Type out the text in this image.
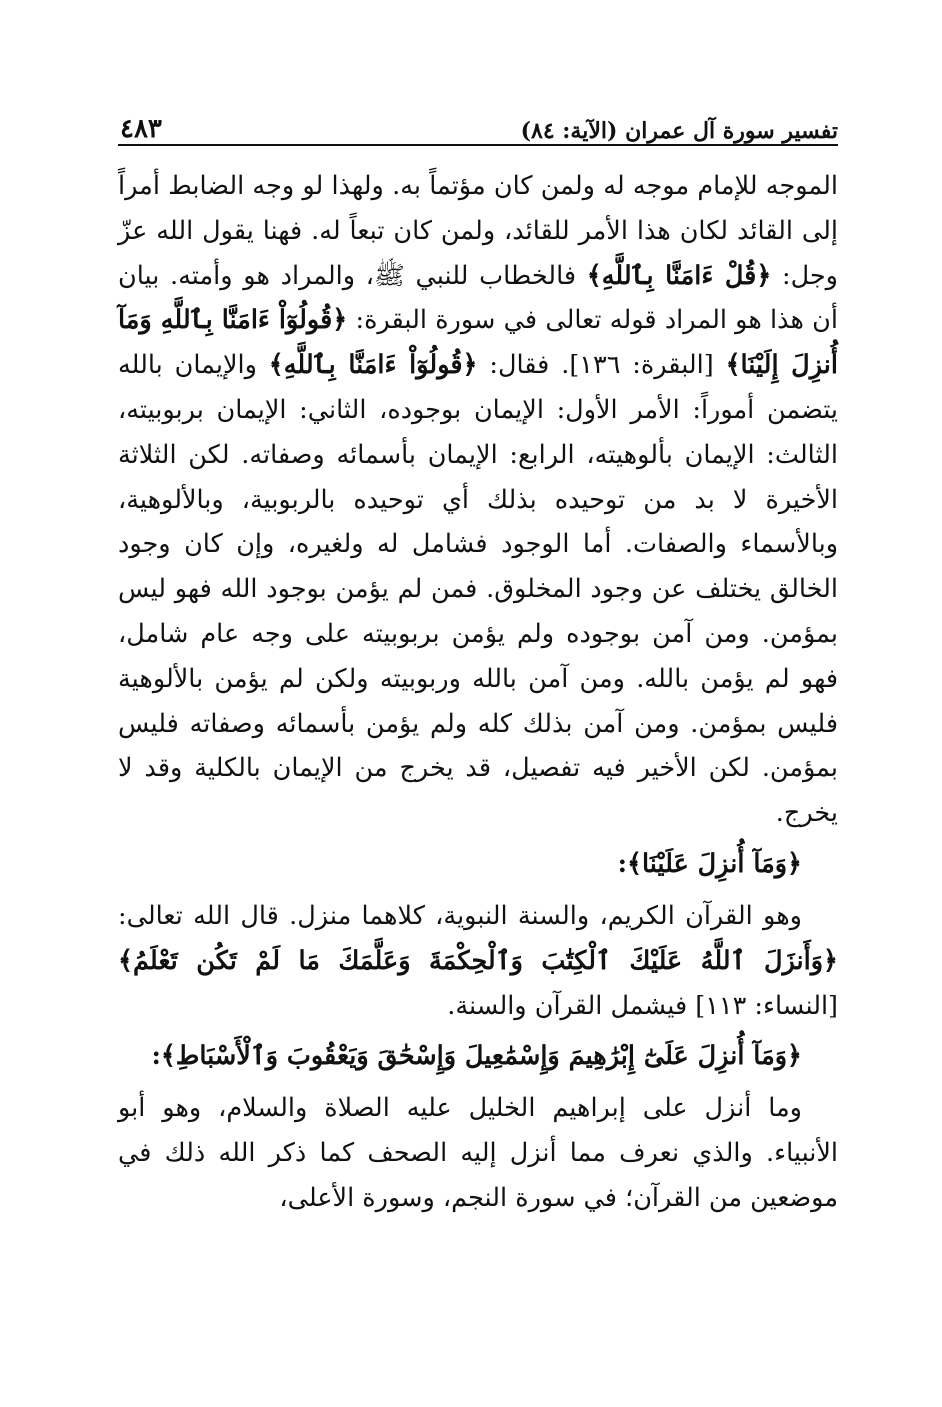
تفسير سورة آل عمران (الآية: ٨٤)
٤٨٣

الموجه للإمام موجه له ولمن كان مؤتماً به. ولهذا لو وجه الضابط أمراً إلى القائد لكان هذا الأمر للقائد، ولمن كان تبعاً له. فهنا يقول الله عزّ وجل: ﴿قُلْ ءَامَنَّا بِٱللَّهِ﴾ فالخطاب للنبي ﷺ، والمراد هو وأمته. بيان أن هذا هو المراد قوله تعالى في سورة البقرة: ﴿قُولُوٓاْ ءَامَنَّا بِٱللَّهِ وَمَآ أُنزِلَ إِلَيْنَا﴾ [البقرة: ١٣٦]. فقال: ﴿قُولُوٓاْ ءَامَنَّا بِٱللَّهِ﴾ والإيمان بالله يتضمن أموراً: الأمر الأول: الإيمان بوجوده، الثاني: الإيمان بربوبيته، الثالث: الإيمان بألوهيته، الرابع: الإيمان بأسمائه وصفاته. لكن الثلاثة الأخيرة لا بد من توحيده بذلك أي توحيده بالربوبية، وبالألوهية، وبالأسماء والصفات. أما الوجود فشامل له ولغيره، وإن كان وجود الخالق يختلف عن وجود المخلوق. فمن لم يؤمن بوجود الله فهو ليس بمؤمن. ومن آمن بوجوده ولم يؤمن بربوبيته على وجه عام شامل، فهو لم يؤمن بالله. ومن آمن بالله وربوبيته ولكن لم يؤمن بالألوهية فليس بمؤمن. ومن آمن بذلك كله ولم يؤمن بأسمائه وصفاته فليس بمؤمن. لكن الأخير فيه تفصيل، قد يخرج من الإيمان بالكلية وقد لا يخرج.

﴿وَمَآ أُنزِلَ عَلَيْنَا﴾:

وهو القرآن الكريم، والسنة النبوية، كلاهما منزل. قال الله تعالى: ﴿وَأَنزَلَ ٱللَّهُ عَلَيْكَ ٱلْكِتَٰبَ وَٱلْحِكْمَةَ وَعَلَّمَكَ مَا لَمْ تَكُن تَعْلَمُ﴾ [النساء: ١١٣] فيشمل القرآن والسنة.

﴿وَمَآ أُنزِلَ عَلَىٰٓ إِبْرَٰهِيمَ وَإِسْمَٰعِيلَ وَإِسْحَٰقَ وَيَعْقُوبَ وَٱلْأَسْبَاطِ﴾:

وما أنزل على إبراهيم الخليل عليه الصلاة والسلام، وهو أبو الأنبياء. والذي نعرف مما أنزل إليه الصحف كما ذكر الله ذلك في موضعين من القرآن؛ في سورة النجم، وسورة الأعلى،
